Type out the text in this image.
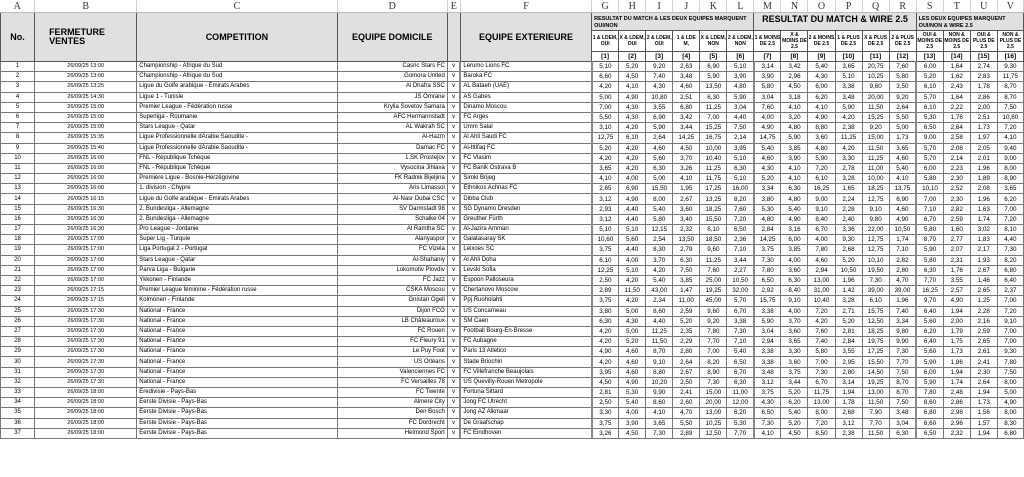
A	B	C	D	E	F	G	H	I	J	K	L	M	N	O	P	Q	R	S	T	U	V
No.	FERMETURE VENTES	COMPETITION	EQUIPE DOMICILE		EQUIPE EXTERIEURE	RESULTAT DU MATCH & LES DEUX EQUIPES MARQUENT OUI/NON						RESULTAT DU MATCH & WIRE 2.5						LES DEUX EQUIPES MARQUENT OUI/NON & WIRE 2.5			
						1 & LDEM, OUI	X & LDEM, OUI	2 & LDEM, OUI	1 & LDE M,	X & LDEM, NON	2 & LDEM, NON	1 & MOINS DE 2.5	X & MOINS DE 2.5	2 & MOINS DE 2.5	1 & PLUS DE 2.5	X & PLUS DE 2.5	2 & PLUS DE 2.5	OUI & MOINS DE 2.5	NON & MOINS DE 2.5	OUI & PLUS DE 2.5	NON & PLUS DE 2.5
						[1]	[2]	[3]	[4]	[5]	[6]	[7]	[8]	[9]	[10]	[11]	[12]	[13]	[14]	[15]	[16]
1	26/09/25 13:00	Championship - Afrique du Sud	Casric Stars FC	v	Lerumo Lions FC	5,10	5,20	9,20	2,63	6,90	5,10	3,14	3,42	5,40	3,65	20,75	7,60	6,00	1,64	2,74	9,30
2	26/09/25 13:00	Championship - Afrique du Sud	Gomora United	v	Baroka FC	6,60	4,50	7,40	3,48	5,90	3,90	3,90	2,96	4,30	5,10	10,25	5,80	5,20	1,62	2,83	11,75
3	26/09/25 13:25	Ligue du Golfe arabique - Emirats Arabes	Al Dhafra SSC	v	AL Bataeh (UAE)	4,20	4,10	4,30	4,60	13,50	4,80	5,80	4,50	6,00	3,38	9,60	3,50	6,10	2,43	1,78	8,70
4	26/09/25 14:30	Ligue 1 - Tunisie	JS Omrane	v	AS Gabes	5,00	4,90	10,80	2,51	6,30	5,90	3,04	3,18	6,20	3,48	20,00	9,20	5,70	1,64	2,86	8,70
5	26/09/25 15:00	Premier League - Fédération russe	Krylia Sovetov Samara	v	Dinamo Moscou	7,00	4,30	3,55	6,80	11,25	3,04	7,60	4,10	4,10	5,90	11,50	2,64	6,10	2,22	2,00	7,50
6	26/09/25 15:00	Superliga - Roumanie	AFC Hermannstadt	v	FC Arges	5,50	4,30	6,90	3,42	7,00	4,40	4,00	3,20	4,90	4,20	15,25	5,50	5,30	1,76	2,51	10,60
7	26/09/25 15:00	Stars League - Qatar	AL Wakrah SC	v	Umm Salal	3,10	4,20	5,90	3,44	15,25	7,50	4,90	4,80	8,80	2,38	9,20	5,00	6,50	2,64	1,73	7,20
8	26/09/25 15:35	Ligue Professionnelle dArabie Saoudite -	Al-Hazm	v	Al Ahli Saudi FC	12,75	6,10	2,64	14,25	16,75	2,14	14,75	5,90	3,60	11,25	15,00	1,73	9,00	2,58	1,97	4,10
9	26/09/25 15:40	Ligue Professionnelle dArabie Saoudite -	Damac FC	v	Al-Ittifaq FC	5,20	4,20	4,60	4,50	10,00	3,95	5,40	3,85	4,80	4,20	11,50	3,65	5,70	2,08	2,05	9,40
10	26/09/25 16:00	FNL - République Tchèque	1.SK Prostejov	v	FC Vlasim	4,20	4,20	5,60	3,70	10,40	5,10	4,60	3,90	5,90	3,30	11,25	4,60	5,70	2,14	2,01	9,00
11	26/09/25 16:00	FNL - République Tchèque	Vysocina Jihlava	v	FC Banik Ostrava B	3,65	4,20	6,30	3,26	11,25	6,30	4,30	4,10	7,20	2,78	11,00	5,40	6,00	2,23	1,96	8,00
12	26/09/25 16:00	Première Ligue - Bosnie-Herzégovine	FK Radnik Bijeljina	v	Siroki Brijeg	4,10	4,00	5,00	4,10	11,75	5,10	5,20	4,10	6,10	3,28	10,00	4,10	5,80	2,30	1,89	8,90
13	26/09/25 16:00	1. division - Chypre	Aris Limassol	v	Ethnikos Achnas FC	2,65	6,90	15,50	1,95	17,25	16,00	3,34	6,30	16,25	1,65	18,25	13,75	10,10	2,52	2,08	3,65
14	26/09/25 16:15	Ligue du Golfe arabique - Emirats Arabes	Al-Nasr Dubai CSC	v	Dibba Club	3,12	4,90	8,00	2,67	13,25	8,20	3,80	4,80	9,00	2,24	12,75	6,90	7,00	2,30	1,96	6,20
15	26/09/25 16:30	2. Bundesliga - Allemagne	SV Darmstadt 98	v	SG Dynamo Dresden	2,93	4,40	5,40	3,60	18,25	7,60	5,30	5,40	9,10	2,28	9,10	4,60	7,10	2,82	1,63	7,00
16	26/09/25 16:30	2. Bundesliga - Allemagne	Schalke 04	v	Greuther Fürth	3,12	4,40	5,80	3,40	15,50	7,20	4,80	4,90	8,40	2,40	9,80	4,90	6,70	2,59	1,74	7,20
17	26/09/25 16:30	Pro League - Jordanie	Al Ramtha SC	v	Al-Jazira Amman	5,10	5,10	12,15	2,32	6,10	6,50	2,84	3,16	6,70	3,36	22,00	10,50	5,80	1,60	3,02	8,10
18	26/09/25 17:00	Super Lig - Turquie	Alanyaspor	v	Galatasaray SK	10,60	5,60	2,54	13,50	18,50	2,36	14,25	6,00	4,00	9,30	12,75	1,74	8,70	2,77	1,83	4,40
19	26/09/25 17:00	Liga Portugal 2 - Portugal	FC Vizela	v	Leixoes SC	3,75	4,40	8,30	2,79	9,60	7,10	3,75	3,85	7,80	2,68	12,75	7,10	5,90	2,07	2,17	7,30
20	26/09/25 17:00	Stars League - Qatar	Al-Shahaniy	v	Al Ahli Doha	6,10	4,00	3,70	6,30	11,25	3,44	7,30	4,00	4,60	5,20	10,10	2,82	5,80	2,31	1,93	8,20
21	26/09/25 17:00	Parva Liga - Bulgarie	Lokomotiv Plovdiv	v	Levski Sofia	12,25	5,10	4,20	7,50	7,60	2,27	7,80	3,60	2,94	10,50	19,50	2,80	6,30	1,76	2,67	6,80
22	26/09/25 17:00	Ykkonen - Finlande	FC Jazz	v	Espoon Palloseura	2,50	4,20	5,40	3,85	25,00	10,50	6,50	6,30	13,00	1,96	7,30	4,70	7,70	3,55	1,46	6,40
23	26/09/25 17:15	Premier League féminine - Fédération russe	CSKA Moscou	v	Chertanovo Moscow	2,89	11,50	43,00	1,47	19,25	32,00	2,92	8,40	31,00	1,42	39,00	39,00	16,25	2,57	2,65	2,37
24	26/09/25 17:15	Kolmonen - Finlande	Gnistan Ogeli	v	Ppj Ruoholahti	3,75	4,20	2,34	11,00	45,00	5,70	15,75	9,10	10,40	3,28	6,10	1,96	9,70	4,90	1,25	7,00
25	26/09/25 17:30	National - France	Dijon FCO	v	US Concarneau	3,80	5,00	8,60	2,59	9,60	6,70	3,38	4,00	7,20	2,71	15,75	7,40	6,40	1,94	2,28	7,20
26	26/09/25 17:30	National - France	LB Châteauroux	v	SM Caen	6,30	4,30	4,40	5,20	9,20	3,38	5,90	3,70	4,20	5,20	12,50	3,34	5,60	2,00	2,16	9,10
27	26/09/25 17:30	National - France	FC Rouen	v	Football Bourg-En-Bresse	4,20	5,00	11,25	2,35	7,80	7,30	3,04	3,60	7,60	2,81	18,25	9,80	6,20	1,79	2,59	7,00
28	26/09/25 17:30	National - France	FC Fleury 91	v	FC Aubagne	4,20	5,20	11,50	2,29	7,70	7,10	2,94	3,65	7,40	2,84	19,75	9,90	6,40	1,75	2,65	7,00
29	26/09/25 17:30	National - France	Le Puy Foot	v	Paris 13 Atletico	4,90	4,60	8,70	2,80	7,00	5,40	3,38	3,30	5,80	3,55	17,25	7,30	5,60	1,73	2,61	9,30
30	26/09/25 17:30	National - France	US Orléans	v	Stade Briochin	4,20	4,60	9,10	2,64	8,20	6,50	3,38	3,60	7,00	2,95	15,50	7,70	5,90	1,86	2,41	7,80
31	26/09/25 17:30	National - France	Valenciennes FC	v	FC Villefranche Beaujolais	3,95	4,60	8,80	2,67	8,90	6,70	3,48	3,75	7,30	2,80	14,50	7,50	6,00	1,94	2,30	7,50
32	26/09/25 17:30	National - France	FC Versailles 78	v	US Quevilly-Rouen Metropole	4,50	4,90	10,20	2,50	7,30	6,30	3,12	3,44	6,70	3,14	19,25	8,70	5,90	1,74	2,64	8,00
33	26/09/25 18:00	Eredivisie - Pays-Bas	FC Twente	v	Fortuna Sittard	2,81	5,30	9,90	2,41	15,00	11,00	3,75	5,20	11,75	1,94	13,00	8,70	7,80	2,48	1,94	5,00
34	26/09/25 18:00	Eerste Divisie - Pays-Bas	Almere City	v	Jong FC Utrecht	2,50	5,40	8,60	2,60	20,00	12,00	4,30	6,20	13,00	1,78	11,50	7,50	8,60	2,86	1,73	4,90
35	26/09/25 18:00	Eerste Divisie - Pays-Bas	Den Bosch	v	Jong AZ Alkmaar	3,30	4,00	4,10	4,70	13,00	6,20	6,50	5,40	8,00	2,68	7,90	3,48	6,80	2,98	1,56	8,00
36	26/09/25 18:00	Eerste Divisie - Pays-Bas	FC Dordrecht	v	De Graafschap	3,75	3,90	3,65	5,50	10,25	5,30	7,30	5,20	7,20	3,12	7,70	3,04	6,60	2,96	1,57	8,30
37	26/09/25 18:00	Eerste Divisie - Pays-Bas	Helmond Sport	v	FC Eindhoven	3,26	4,50	7,30	2,89	12,50	7,70	4,10	4,50	8,50	2,38	11,50	6,30	6,50	2,32	1,94	6,80
